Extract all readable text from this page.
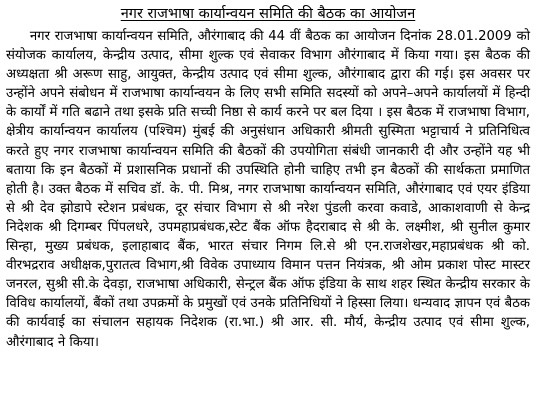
नगर राजभाषा कार्यान्वयन समिति की बैठक का आयोजन

नगर राजभाषा कार्यान्वयन समिति, औरंगाबाद की 44 वीं बैठक का आयोजन दिनांक 28.01.2009 को संयोजक कार्यालय, केन्द्रीय उत्पाद, सीमा शुल्क एवं सेवाकर विभाग औरंगाबाद में किया गया। इस बैठक की अध्यक्षता श्री अरूण साहु, आयुक्त, केन्द्रीय उत्पाद एवं सीमा शुल्क, औरंगाबाद द्वारा की गई। इस अवसर पर उन्होंने अपने संबोधन में राजभाषा कार्यान्वयन के लिए सभी समिति सदस्यों को अपने–अपने कार्यालयों में हिन्दी के कार्यों में गति बढाने तथा इसके प्रति सच्ची निष्ठा से कार्य करने पर बल दिया । इस बैठक में राजभाषा विभाग, क्षेत्रीय कार्यान्वयन कार्यालय (पश्चिम) मुंबई की अनुसंधान अधिकारी श्रीमती सुस्मिता भट्टाचार्य ने प्रतिनिधित्व करते हुए नगर राजभाषा कार्यान्वयन समिति की बैठकों की उपयोगिता संबंधी जानकारी दी और उन्होंने यह भी बताया कि इन बैठकों में प्रशासनिक प्रधानों की उपस्थिति होनी चाहिए तभी इन बैठकों की सार्थकता प्रमाणित होती है। उक्त बैठक में सचिव डॉ. के. पी. मिश्र, नगर राजभाषा कार्यान्वयन समिति, औरंगाबाद एवं एयर इंडिया से श्री देव झोडापे स्टेशन प्रबंधक, दूर संचार विभाग से श्री नरेश पुंडली करवा कवाडे, आकाशवाणी से केन्द्र निदेशक श्री दिगम्बर पिंपलधरे, उपमहाप्रबंधक,स्टेट बैंक ऑफ हैदराबाद से श्री के. लक्ष्मीश, श्री सुनील कुमार सिन्हा, मुख्य प्रबंधक, इलाहाबाद बैंक, भारत संचार निगम लि.से श्री एन.राजशेखर,महाप्रबंधक श्री को. वीरभद्रराव अधीक्षक,पुरातत्व विभाग,श्री विवेक उपाध्याय विमान पत्तन नियंत्रक, श्री ओम प्रकाश पोस्ट मास्टर जनरल, सुश्री सी.के देवड़ा, राजभाषा अधिकारी, सेन्ट्रल बैंक ऑफ इंडिया के साथ शहर स्थित केन्द्रीय सरकार के विविध कार्यालयों, बैंकों तथा उपक्रमों के प्रमुखों एवं उनके प्रतिनिधियों ने हिस्सा लिया। धन्यवाद ज्ञापन एवं बैठक की कार्यवाई का संचालन सहायक निदेशक (रा.भा.) श्री आर. सी. मौर्य, केन्द्रीय उत्पाद एवं सीमा शुल्क, औरंगाबाद ने किया।
